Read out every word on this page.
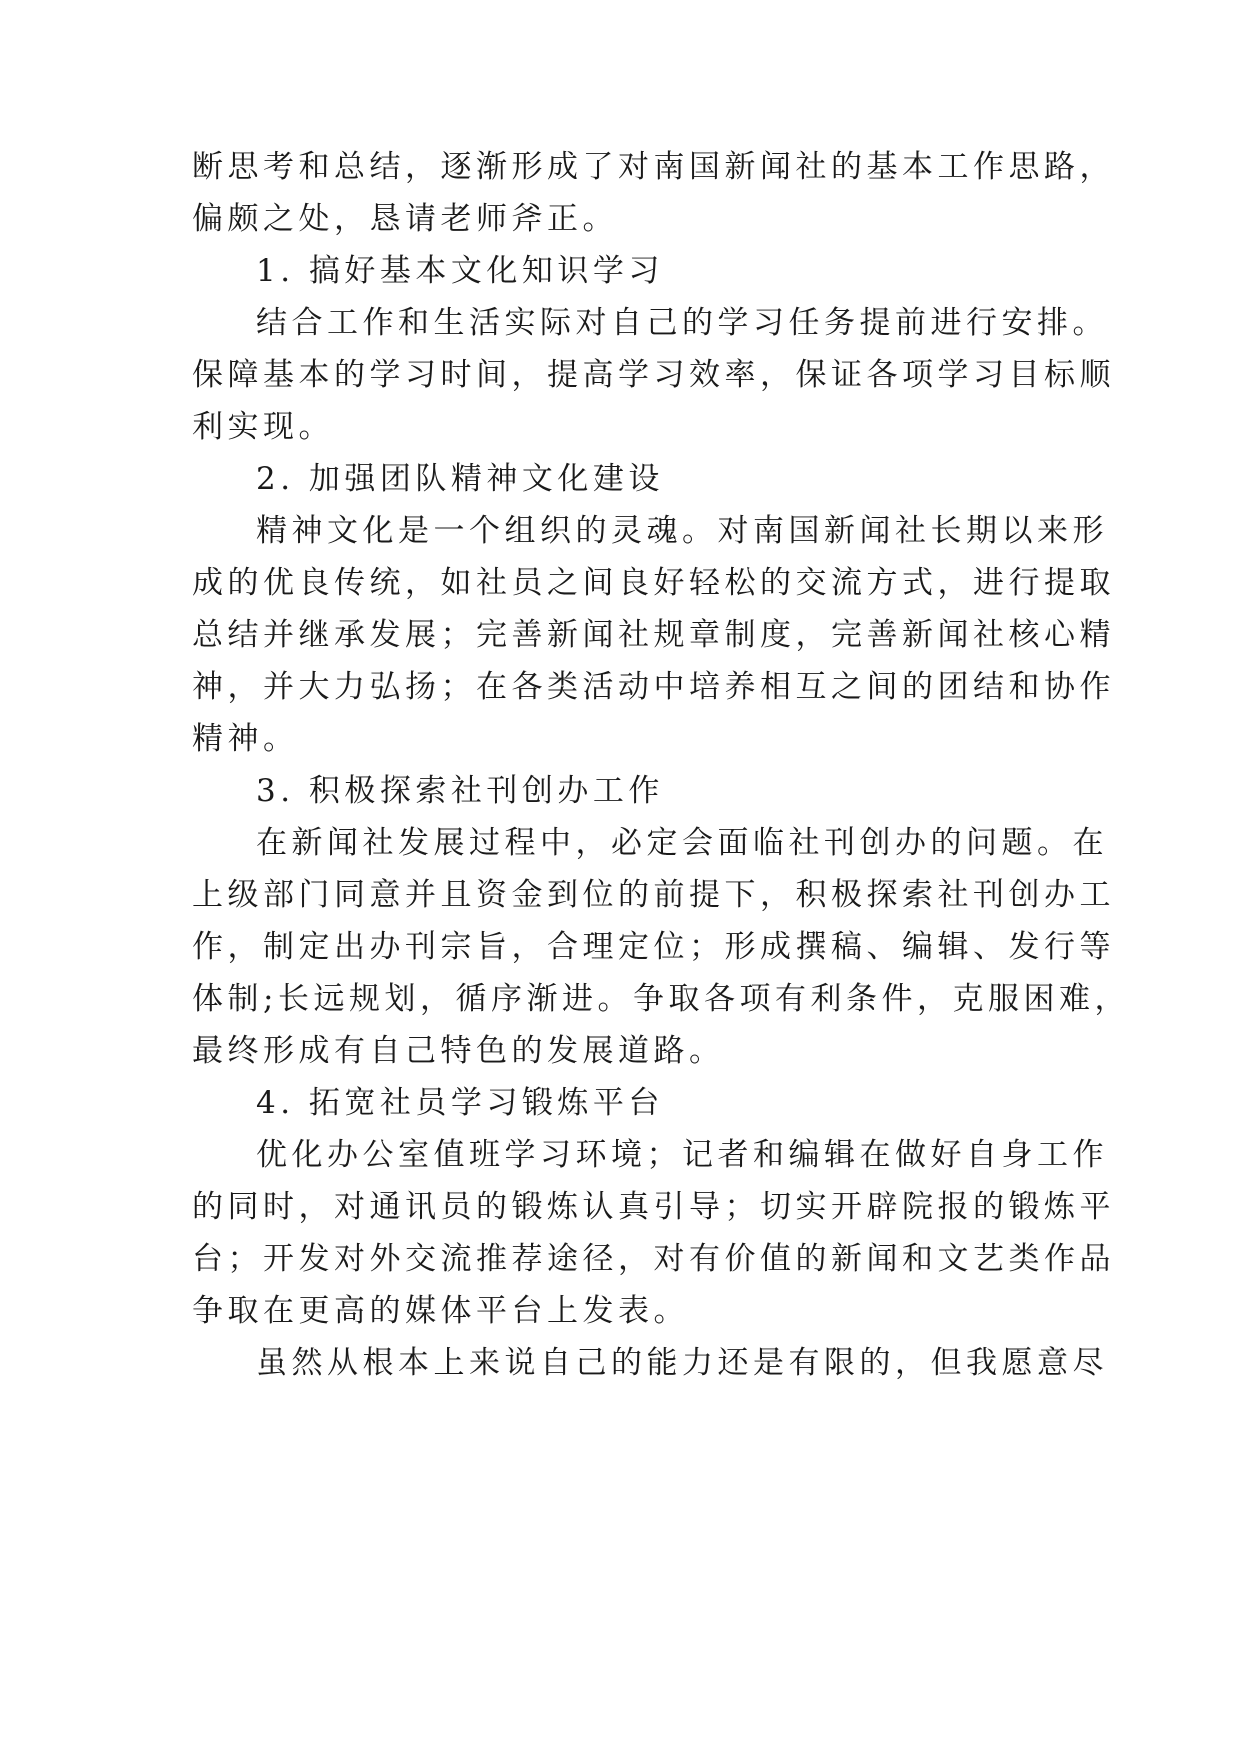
断思考和总结，逐渐形成了对南国新闻社的基本工作思路，

偏颇之处，恳请老师斧正。

1. 搞好基本文化知识学习

结合工作和生活实际对自己的学习任务提前进行安排。

保障基本的学习时间，提高学习效率，保证各项学习目标顺

利实现。

2. 加强团队精神文化建设

精神文化是一个组织的灵魂。对南国新闻社长期以来形

成的优良传统，如社员之间良好轻松的交流方式，进行提取

总结并继承发展；完善新闻社规章制度，完善新闻社核心精

神，并大力弘扬；在各类活动中培养相互之间的团结和协作

精神。

3. 积极探索社刊创办工作

在新闻社发展过程中，必定会面临社刊创办的问题。在

上级部门同意并且资金到位的前提下，积极探索社刊创办工

作，制定出办刊宗旨，合理定位；形成撰稿、编辑、发行等

体制;长远规划，循序渐进。争取各项有利条件，克服困难，

最终形成有自己特色的发展道路。

4. 拓宽社员学习锻炼平台

优化办公室值班学习环境；记者和编辑在做好自身工作

的同时，对通讯员的锻炼认真引导；切实开辟院报的锻炼平

台；开发对外交流推荐途径，对有价值的新闻和文艺类作品

争取在更高的媒体平台上发表。

虽然从根本上来说自己的能力还是有限的，但我愿意尽
